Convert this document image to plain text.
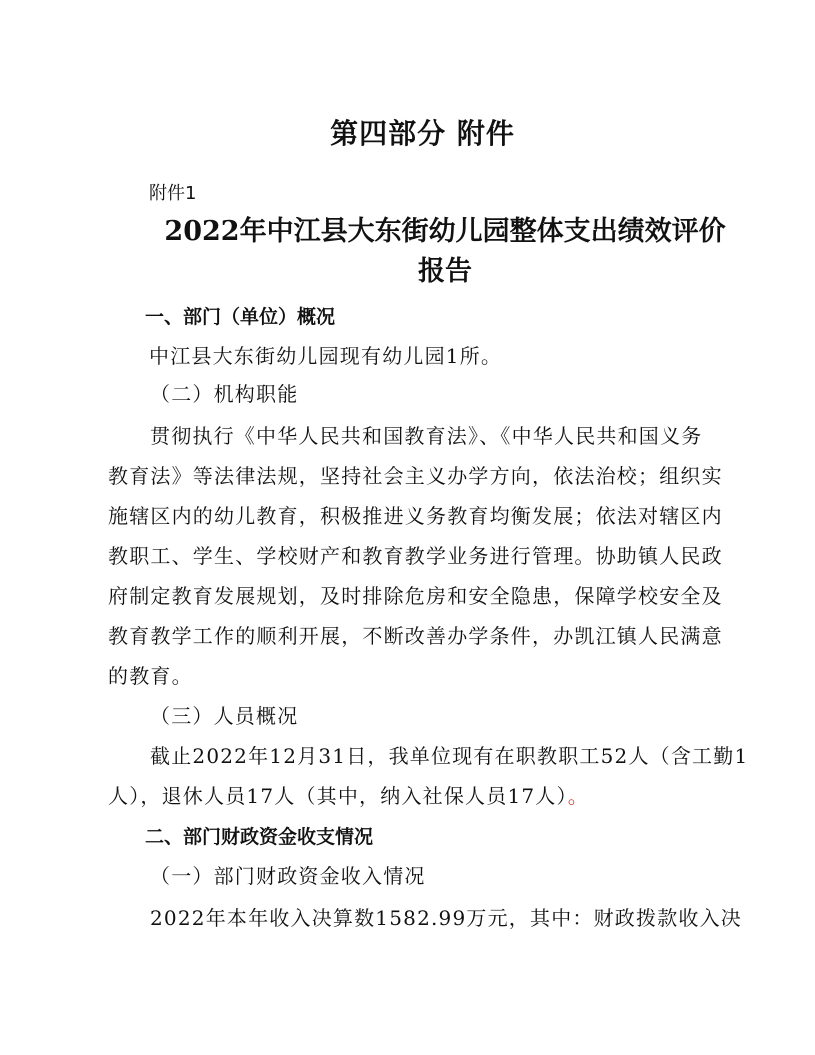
第四部分 附件
附件1
2022年中江县大东街幼儿园整体支出绩效评价
报告
一、部门（单位）概况
中江县大东街幼儿园现有幼儿园1所。
（二）机构职能
贯彻执行《中华人民共和国教育法》、《中华人民共和国义务
教育法》等法律法规，坚持社会主义办学方向，依法治校；组织实
施辖区内的幼儿教育，积极推进义务教育均衡发展；依法对辖区内
教职工、学生、学校财产和教育教学业务进行管理。协助镇人民政
府制定教育发展规划，及时排除危房和安全隐患，保障学校安全及
教育教学工作的顺利开展，不断改善办学条件，办凯江镇人民满意
的教育。
（三）人员概况
截止2022年12月31日，我单位现有在职教职工52人（含工勤1
人），退休人员17人（其中，纳入社保人员17人）。
二、部门财政资金收支情况
（一）部门财政资金收入情况
2022年本年收入决算数1582.99万元，其中：财政拨款收入决
